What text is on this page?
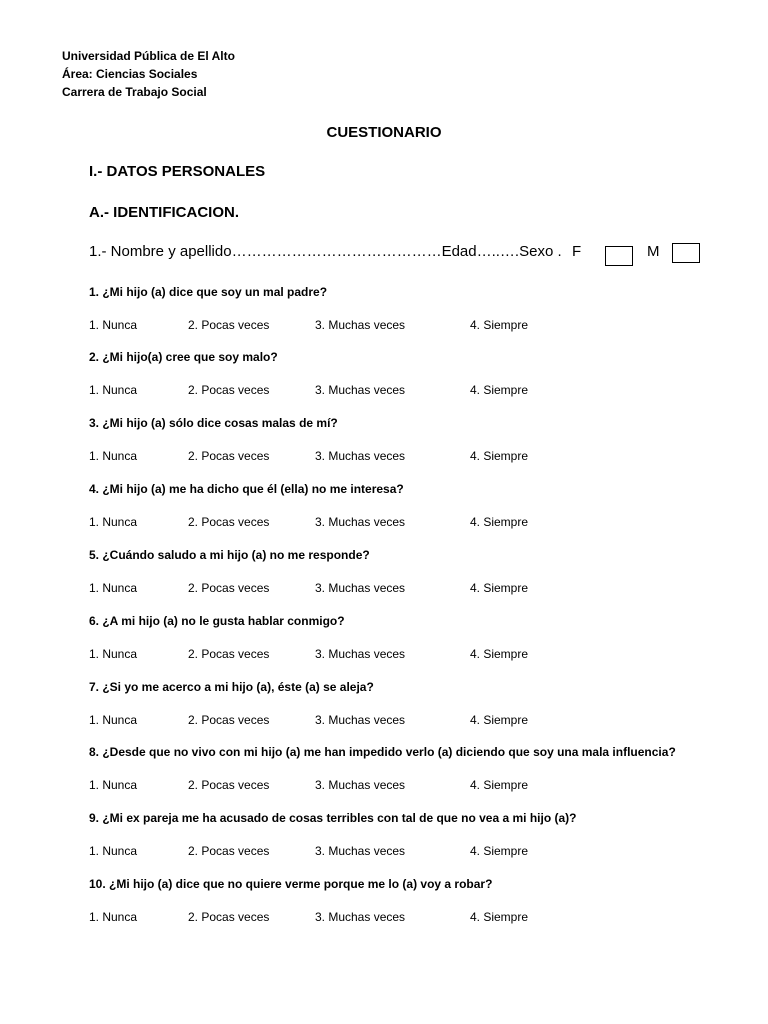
Universidad Pública de El Alto
Área: Ciencias Sociales
Carrera de Trabajo Social
CUESTIONARIO
I.- DATOS PERSONALES
A.- IDENTIFICACION.
1.- Nombre y apellido……………………………………Edad…..….Sexo . F	M
1. ¿Mi hijo (a) dice que soy un mal padre?
1. Nunca	2. Pocas veces	3. Muchas veces	4. Siempre
2. ¿Mi hijo(a) cree que soy malo?
1. Nunca	2. Pocas veces	3. Muchas veces	4. Siempre
3. ¿Mi hijo (a) sólo dice cosas malas de mí?
1. Nunca	2. Pocas veces	3. Muchas veces	4. Siempre
4. ¿Mi hijo (a) me ha dicho que él (ella) no me interesa?
1. Nunca	2. Pocas veces	3. Muchas veces	4. Siempre
5. ¿Cuándo saludo a mi hijo (a) no me responde?
1. Nunca	2. Pocas veces	3. Muchas veces	4. Siempre
6. ¿A mi hijo (a) no le gusta hablar conmigo?
1. Nunca	2. Pocas veces	3. Muchas veces	4. Siempre
7. ¿Si yo me acerco a mi hijo (a), éste (a) se aleja?
1. Nunca	2. Pocas veces	3. Muchas veces	4. Siempre
8. ¿Desde que no vivo con mi hijo (a) me han impedido verlo (a) diciendo que soy una mala influencia?
1. Nunca	2. Pocas veces	3. Muchas veces	4. Siempre
9. ¿Mi ex pareja me ha acusado de cosas terribles con tal de que no vea a mi hijo (a)?
1. Nunca	2. Pocas veces	3. Muchas veces	4. Siempre
10. ¿Mi hijo (a) dice que no quiere verme porque me lo (a) voy a robar?
1. Nunca	2. Pocas veces	3. Muchas veces	4. Siempre
